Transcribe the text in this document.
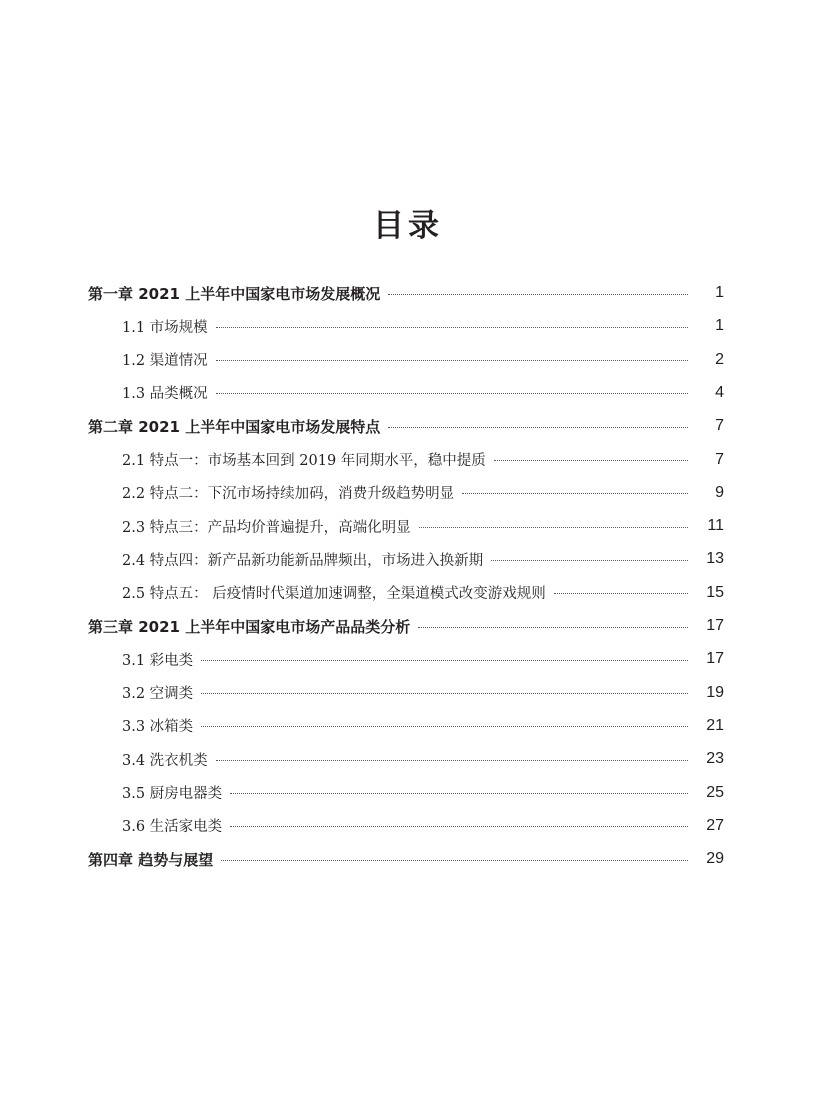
目录
第一章 2021 上半年中国家电市场发展概况	1
1.1 市场规模	1
1.2 渠道情况	2
1.3 品类概况	4
第二章 2021 上半年中国家电市场发展特点	7
2.1 特点一：市场基本回到 2019 年同期水平，稳中提质	7
2.2 特点二：下沉市场持续加码，消费升级趋势明显	9
2.3 特点三：产品均价普遍提升，高端化明显	11
2.4 特点四：新产品新功能新品牌频出，市场进入换新期	13
2.5 特点五： 后疫情时代渠道加速调整，全渠道模式改变游戏规则	15
第三章 2021 上半年中国家电市场产品品类分析	17
3.1 彩电类	17
3.2 空调类	19
3.3 冰箱类	21
3.4 洗衣机类	23
3.5 厨房电器类	25
3.6 生活家电类	27
第四章 趋势与展望	29
